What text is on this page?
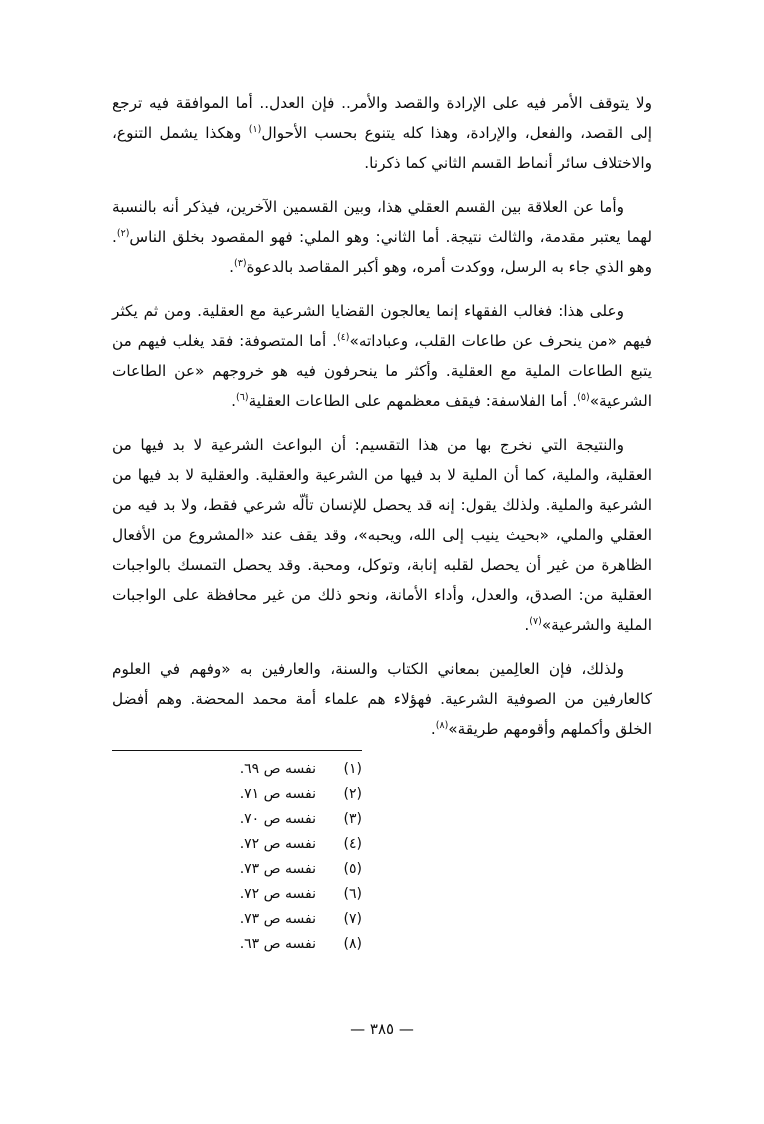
ولا يتوقف الأمر فيه على الإرادة والقصد والأمر.. فإن العدل.. أما الموافقة فيه ترجع إلى القصد، والفعل، والإرادة، وهذا كله يتنوع بحسب الأحوال$^{(١)}$ وهكذا يشمل التنوع، والاختلاف سائر أنماط القسم الثاني كما ذكرنا.

وأما عن العلاقة بين القسم العقلي هذا، وبين القسمين الآخرين، فيذكر أنه بالنسبة لهما يعتبر مقدمة، والثالث نتيجة. أما الثاني: وهو الملي: فهو المقصود بخلق الناس$^{(٢)}$. وهو الذي جاء به الرسل، ووكدت أمره، وهو أكبر المقاصد بالدعوة$^{(٣)}$.

وعلى هذا: فغالب الفقهاء إنما يعالجون القضايا الشرعية مع العقلية. ومن ثم يكثر فيهم «من ينحرف عن طاعات القلب، وعباداته»$^{(٤)}$. أما المتصوفة: فقد يغلب فيهم من يتبع الطاعات الملية مع العقلية. وأكثر ما ينحرفون فيه هو خروجهم «عن الطاعات الشرعية»$^{(٥)}$. أما الفلاسفة: فيقف معظمهم على الطاعات العقلية$^{(٦)}$.

والنتيجة التي نخرج بها من هذا التقسيم: أن البواعث الشرعية لا بد فيها من العقلية، والملية، كما أن الملية لا بد فيها من الشرعية والعقلية. والعقلية لا بد فيها من الشرعية والملية. ولذلك يقول: إنه قد يحصل للإنسان تألّه شرعي فقط، ولا بد فيه من العقلي والملي، «بحيث ينيب إلى الله، ويحبه»، وقد يقف عند «المشروع من الأفعال الظاهرة من غير أن يحصل لقلبه إنابة، وتوكل، ومحبة. وقد يحصل التمسك بالواجبات العقلية من: الصدق، والعدل، وأداء الأمانة، ونحو ذلك من غير محافظة على الواجبات الملية والشرعية»$^{(٧)}$.

ولذلك، فإن العالِمين بمعاني الكتاب والسنة، والعارفين به «وفهم في العلوم كالعارفين من الصوفية الشرعية. فهؤلاء هم علماء أمة محمد المحضة. وهم أفضل الخلق وأكملهم وأقومهم طريقة»$^{(٨)}$.

(١)
نفسه ص ٦٩.
(٢)
نفسه ص ٧١.
(٣)
نفسه ص ٧٠.
(٤)
نفسه ص ٧٢.
(٥)
نفسه ص ٧٣.
(٦)
نفسه ص ٧٢.
(٧)
نفسه ص ٧٣.
(٨)
نفسه ص ٦٣.
— ٣٨٥ —
